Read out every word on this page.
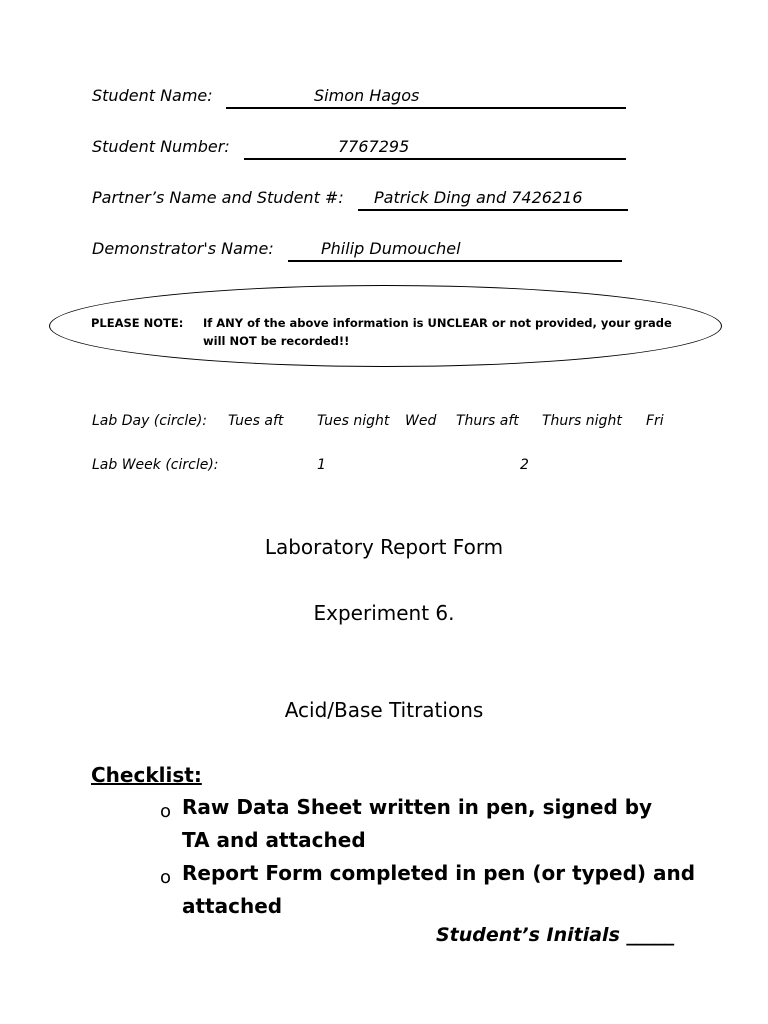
Student Name:	Simon Hagos
Student Number:	7767295
Partner’s Name and Student #: Patrick Ding and 7426216
Demonstrator's Name:	Philip Dumouchel
PLEASE NOTE: If ANY of the above information is UNCLEAR or not provided, your grade
will NOT be recorded!!
Lab Day (circle): Tues aft Tues night Wed Thurs aft Thurs night Fri
Lab Week (circle):	1	2
Laboratory Report Form
Experiment 6.
Acid/Base Titrations
Checklist:
o Raw Data Sheet written in pen, signed by
TA and attached
o Report Form completed in pen (or typed) and
attached
Student’s Initials _____
